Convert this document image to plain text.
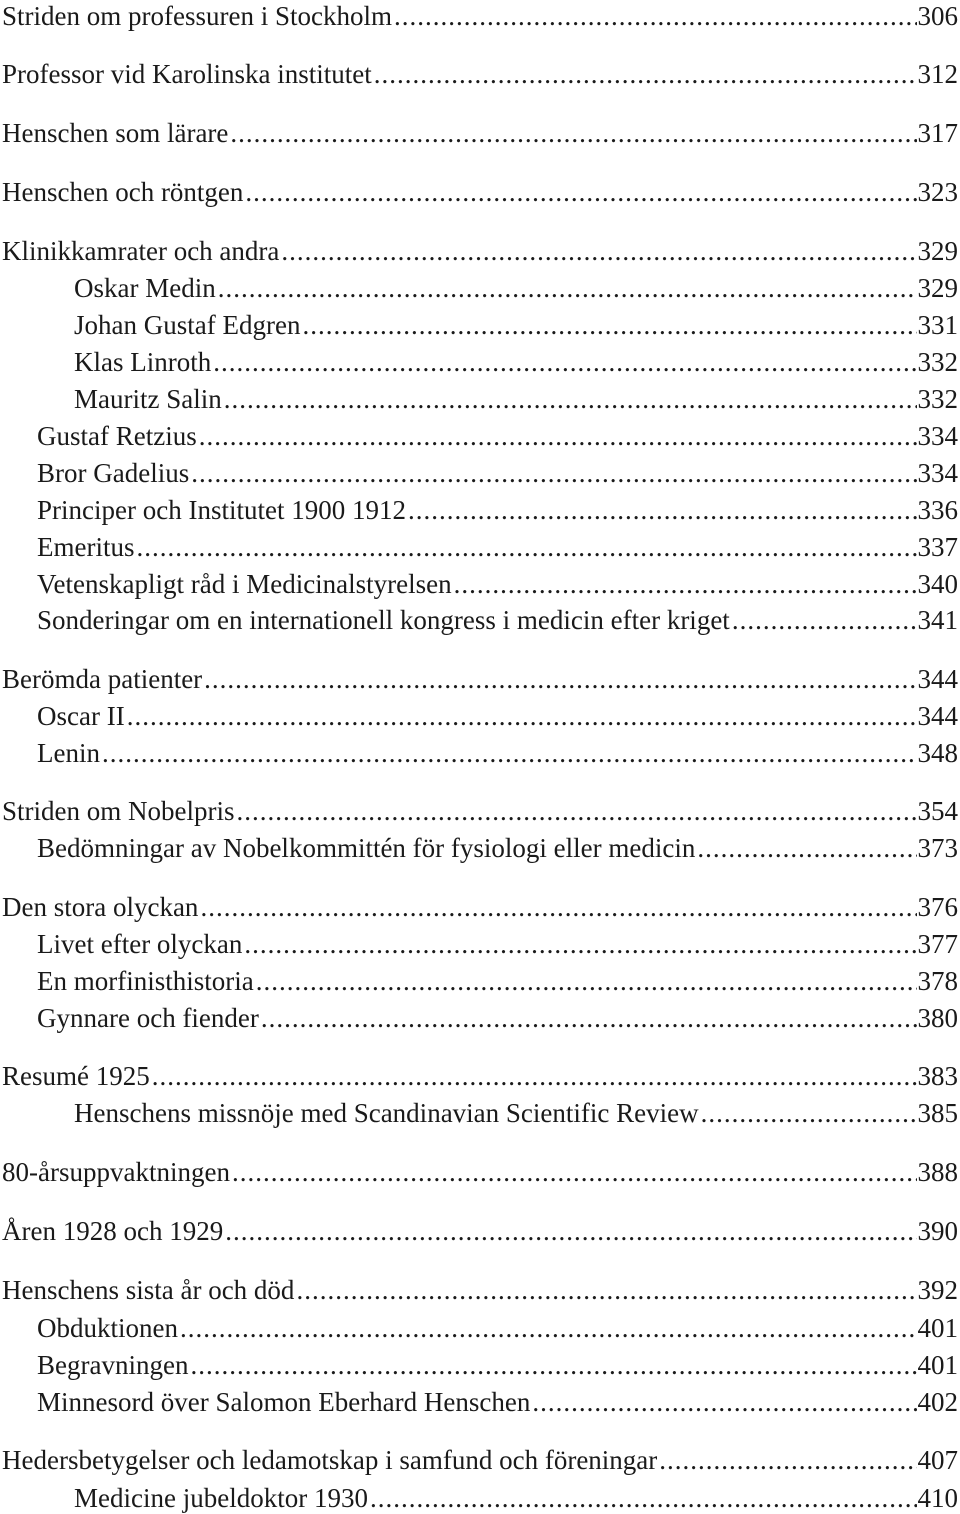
Striden om professuren i Stockholm .....	306
Professor vid Karolinska institutet .....	312
Henschen som lärare .....	317
Henschen och röntgen .....	323
Klinikkamrater och andra .....	329
Oskar Medin .....	329
Johan Gustaf Edgren .....	331
Klas Linroth .....	332
Mauritz Salin .....	332
Gustaf Retzius .....	334
Bror Gadelius .....	334
Principer och Institutet 1900 1912 .....	336
Emeritus .....	337
Vetenskapligt råd i Medicinalstyrelsen .....	340
Sonderingar om en internationell kongress i medicin efter kriget .....	341
Berömda patienter .....	344
Oscar II .....	344
Lenin .....	348
Striden om Nobelpris .....	354
Bedömningar av Nobelkommittén för fysiologi eller medicin .....	373
Den stora olyckan .....	376
Livet efter olyckan .....	377
En morfinisthistoria .....	378
Gynnare och fiender .....	380
Resumé 1925 .....	383
Henschens missnöje med Scandinavian Scientific Review .....	385
80-årsuppvaktningen .....	388
Åren 1928 och 1929 .....	390
Henschens sista år och död .....	392
Obduktionen .....	401
Begravningen .....	401
Minnesord över Salomon Eberhard Henschen .....	402
Hedersbetygelser och ledamotskap i samfund och föreningar .....	407
Medicine jubeldoktor 1930 .....	410
